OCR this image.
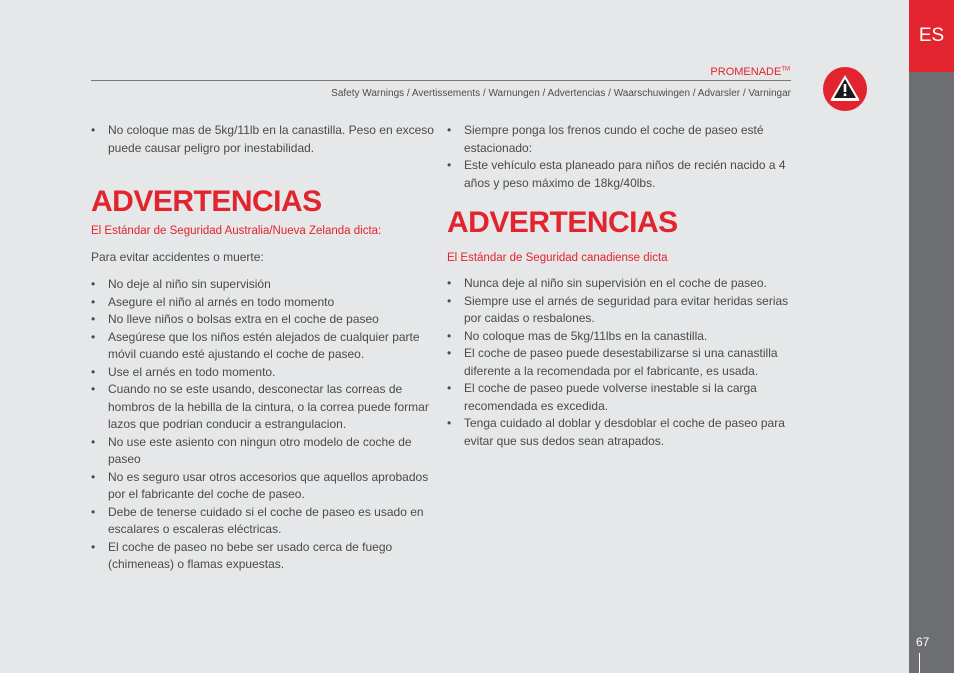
ES
67
PROMENADE™
Safety Warnings / Avertissements / Warnungen / Advertencias / Waarschuwingen / Advarsler / Varningar
• No coloque mas de 5kg/11lb en la canastilla. Peso en exceso puede causar peligro por inestabilidad.
ADVERTENCIAS
El Estándar de Seguridad Australia/Nueva Zelanda dicta:
Para evitar accidentes o muerte:
• No deje al niño sin supervisión
• Asegure el niño al arnés en todo momento
• No lleve niños o bolsas extra en el coche de paseo
• Asegúrese que los niños estén alejados de cualquier parte móvil cuando esté ajustando el coche de paseo.
• Use el arnés en todo momento.
• Cuando no se este usando, desconectar las correas de hombros de la hebilla de la cintura, o la correa puede formar lazos que podrian conducir a estrangulacion.
• No use este asiento con ningun otro modelo de coche de paseo
• No es seguro usar otros accesorios que aquellos aprobados por el fabricante del coche de paseo.
• Debe de tenerse cuidado si el coche de paseo es usado en escalares o escaleras eléctricas.
• El coche de paseo no bebe ser usado cerca de fuego (chimeneas) o flamas expuestas.
• Siempre ponga los frenos cundo el coche de paseo esté estacionado:
• Este vehículo esta planeado para niños de recién nacido a 4 años y peso máximo de 18kg/40lbs.
ADVERTENCIAS
El Estándar de Seguridad canadiense dicta
• Nunca deje al niño sin supervisión en el coche de paseo.
• Siempre use el arnés de seguridad para evitar heridas serias por caidas o resbalones.
• No coloque mas de 5kg/11lbs en la canastilla.
• El coche de paseo puede desestabilizarse si una canastilla diferente a la recomendada por el fabricante, es usada.
• El coche de paseo puede volverse inestable si la carga recomendada es excedida.
• Tenga cuidado al doblar y desdoblar el coche de paseo para evitar que sus dedos sean atrapados.
